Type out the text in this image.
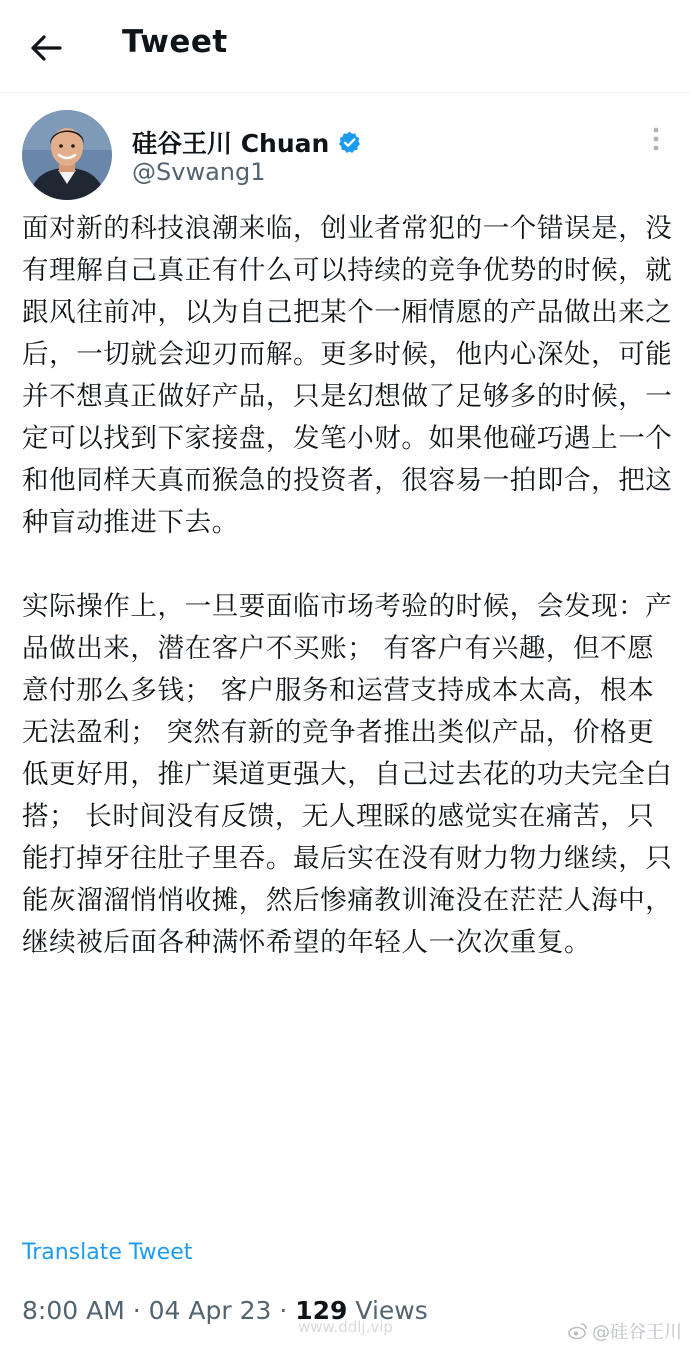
Tweet
硅谷王川 Chuan
@Svwang1

面对新的科技浪潮来临，创业者常犯的一个错误是，没有理解自己真正有什么可以持续的竞争优势的时候，就跟风往前冲，以为自己把某个一厢情愿的产品做出来之后，一切就会迎刃而解。更多时候，他内心深处，可能并不想真正做好产品，只是幻想做了足够多的时候，一定可以找到下家接盘，发笔小财。如果他碰巧遇上一个和他同样天真而猴急的投资者，很容易一拍即合，把这种盲动推进下去。

实际操作上，一旦要面临市场考验的时候，会发现：产品做出来，潜在客户不买账； 有客户有兴趣，但不愿意付那么多钱； 客户服务和运营支持成本太高，根本无法盈利； 突然有新的竞争者推出类似产品，价格更低更好用，推广渠道更强大，自己过去花的功夫完全白搭； 长时间没有反馈，无人理睬的感觉实在痛苦，只能打掉牙往肚子里吞。最后实在没有财力物力继续，只能灰溜溜悄悄收摊，然后惨痛教训淹没在茫茫人海中，继续被后面各种满怀希望的年轻人一次次重复。

Translate Tweet
8:00 AM · 04 Apr 23 · 129 Views
www.ddlj.vip	@硅谷王川
